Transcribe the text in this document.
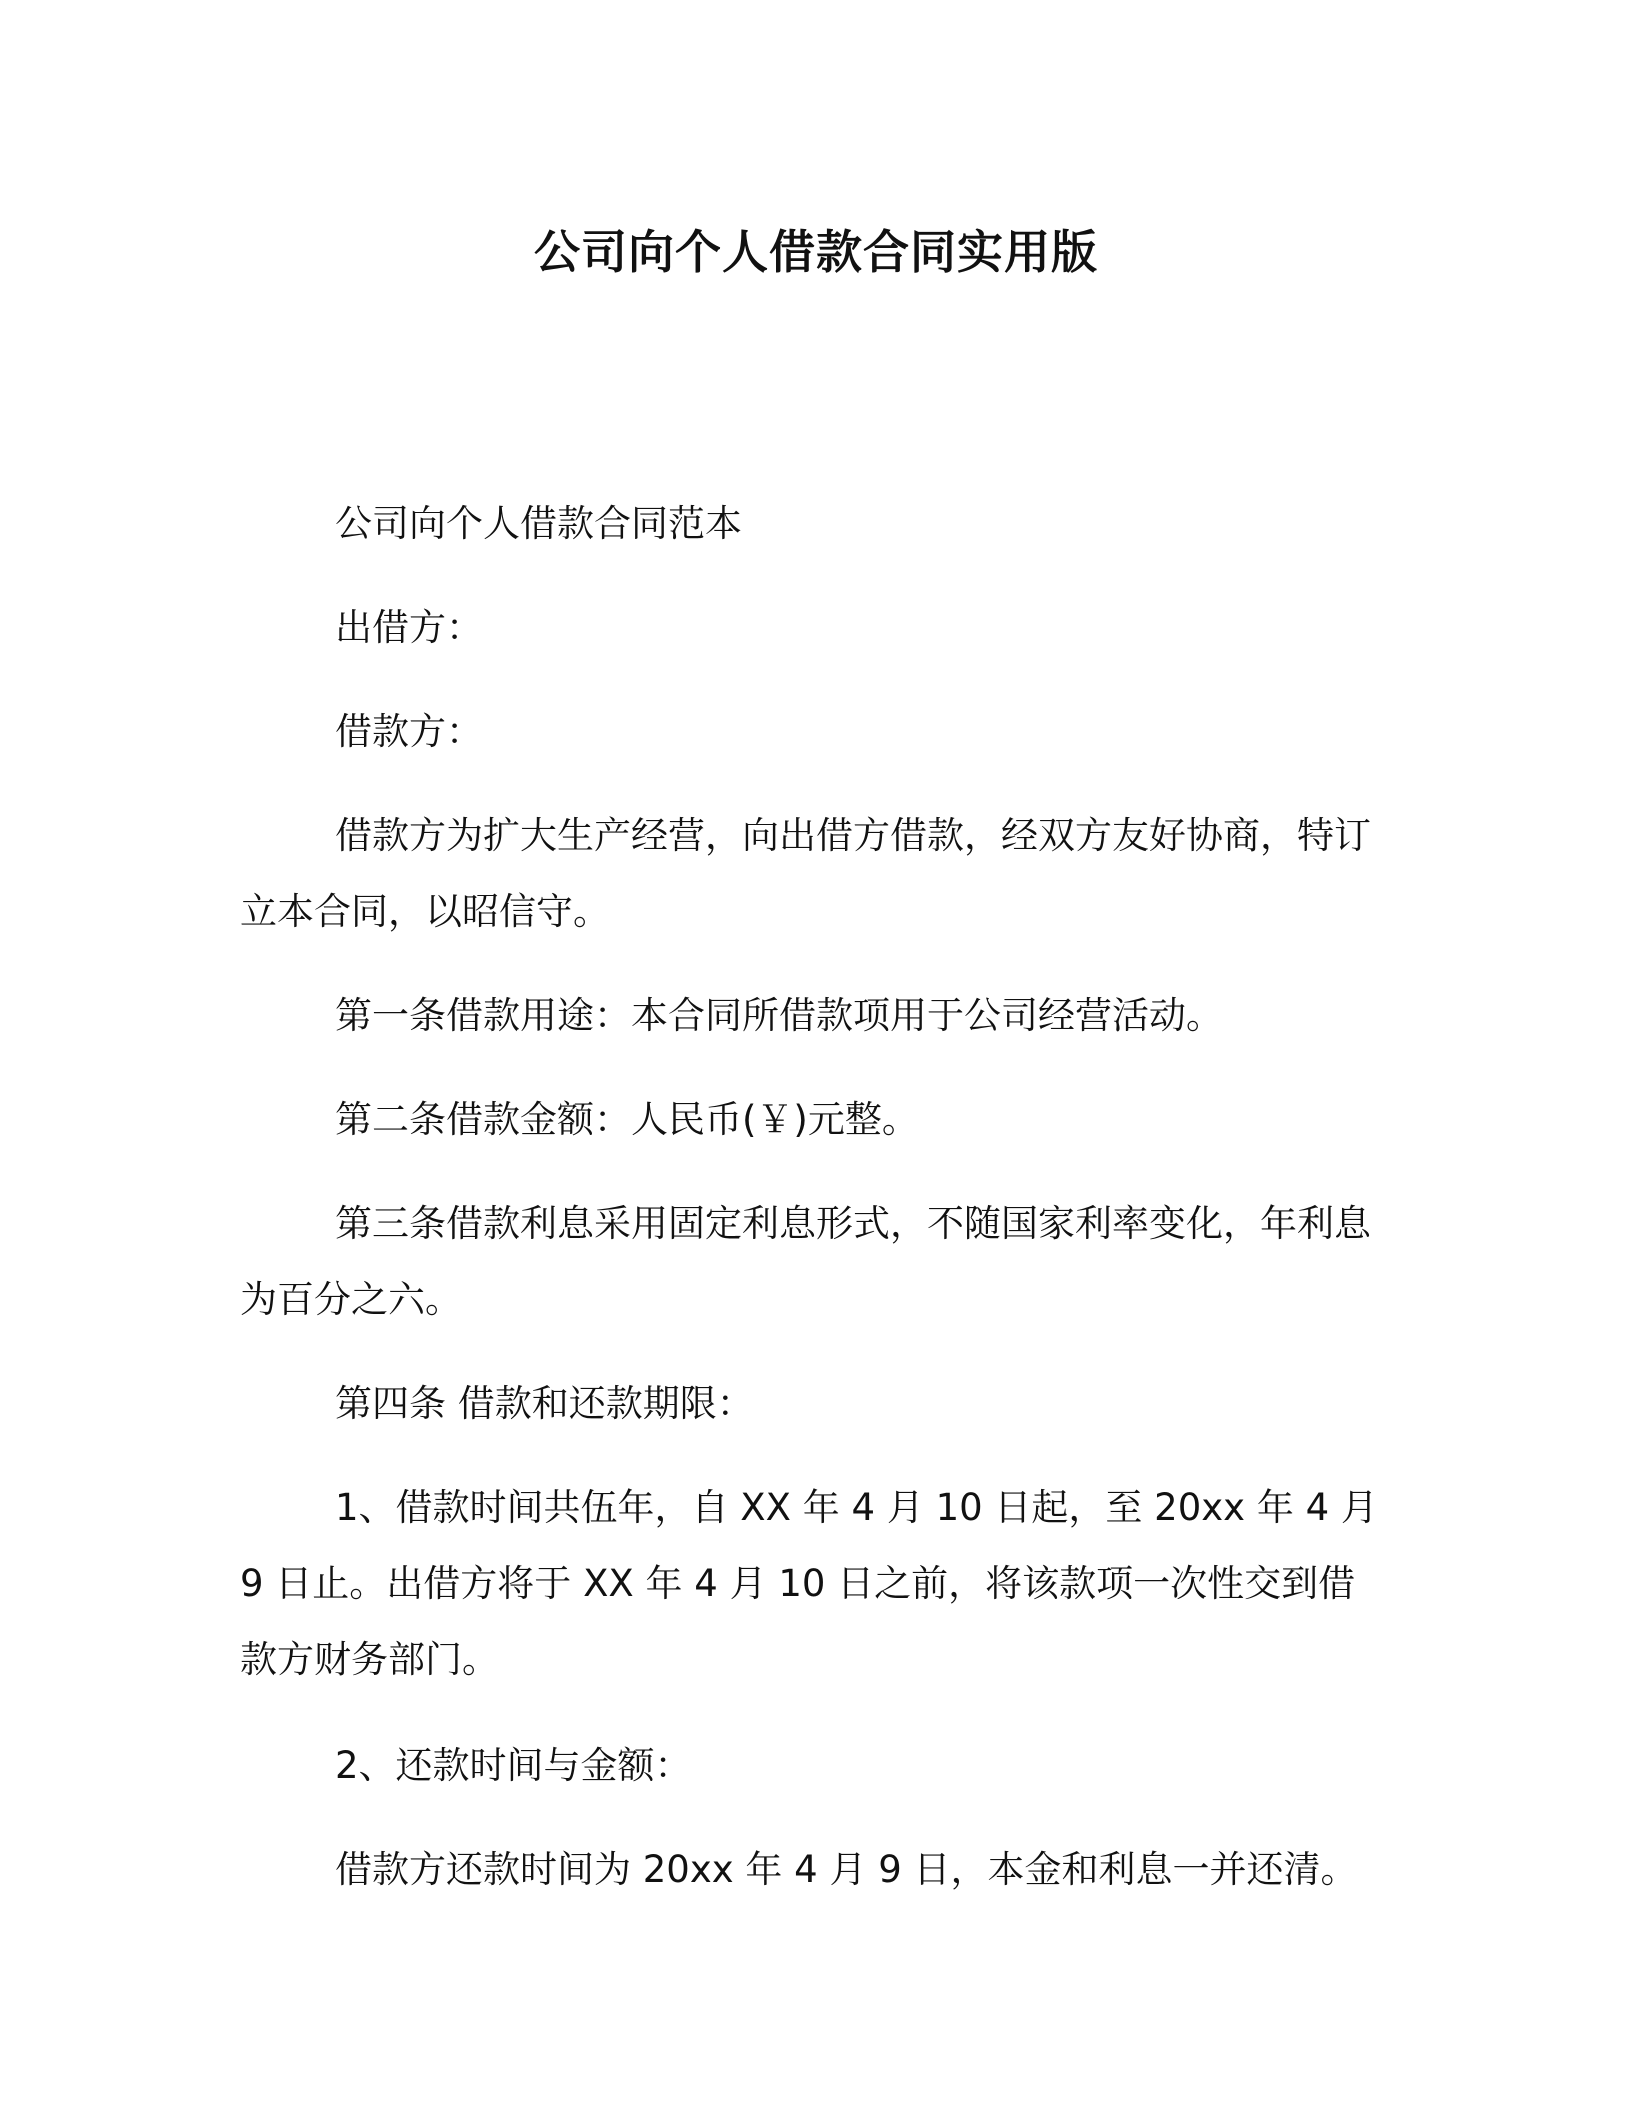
公司向个人借款合同实用版

公司向个人借款合同范本

出借方：

借款方：

借款方为扩大生产经营，向出借方借款，经双方友好协商，特订立本合同，以昭信守。

第一条借款用途：本合同所借款项用于公司经营活动。

第二条借款金额：人民币(￥)元整。

第三条借款利息采用固定利息形式，不随国家利率变化，年利息为百分之六。

第四条 借款和还款期限：

1、借款时间共伍年，自 XX 年 4 月 10 日起，至 20xx 年 4 月 9 日止。出借方将于 XX 年 4 月 10 日之前，将该款项一次性交到借款方财务部门。

2、还款时间与金额：

借款方还款时间为 20xx 年 4 月 9 日，本金和利息一并还清。
